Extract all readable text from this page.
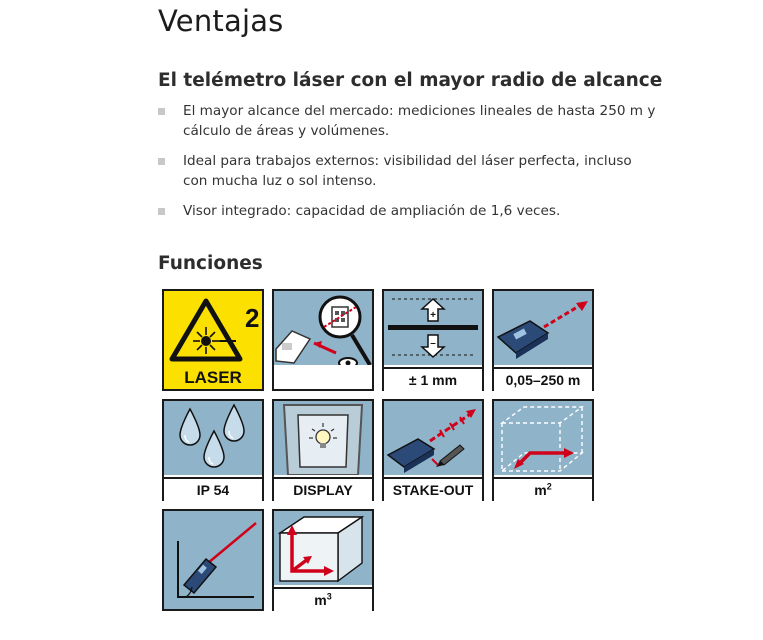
Ventajas
El telémetro láser con el mayor radio de alcance
El mayor alcance del mercado: mediciones lineales de hasta 250 m y cálculo de áreas y volúmenes.
Ideal para trabajos externos: visibilidad del láser perfecta, incluso con mucha luz o sol intenso.
Visor integrado: capacidad de ampliación de 1,6 veces.
Funciones
2
LASER
+
–
± 1 mm	0,05–250 m
IP 54	DISPLAY	STAKE-OUT	$m^2$
$m^3$
